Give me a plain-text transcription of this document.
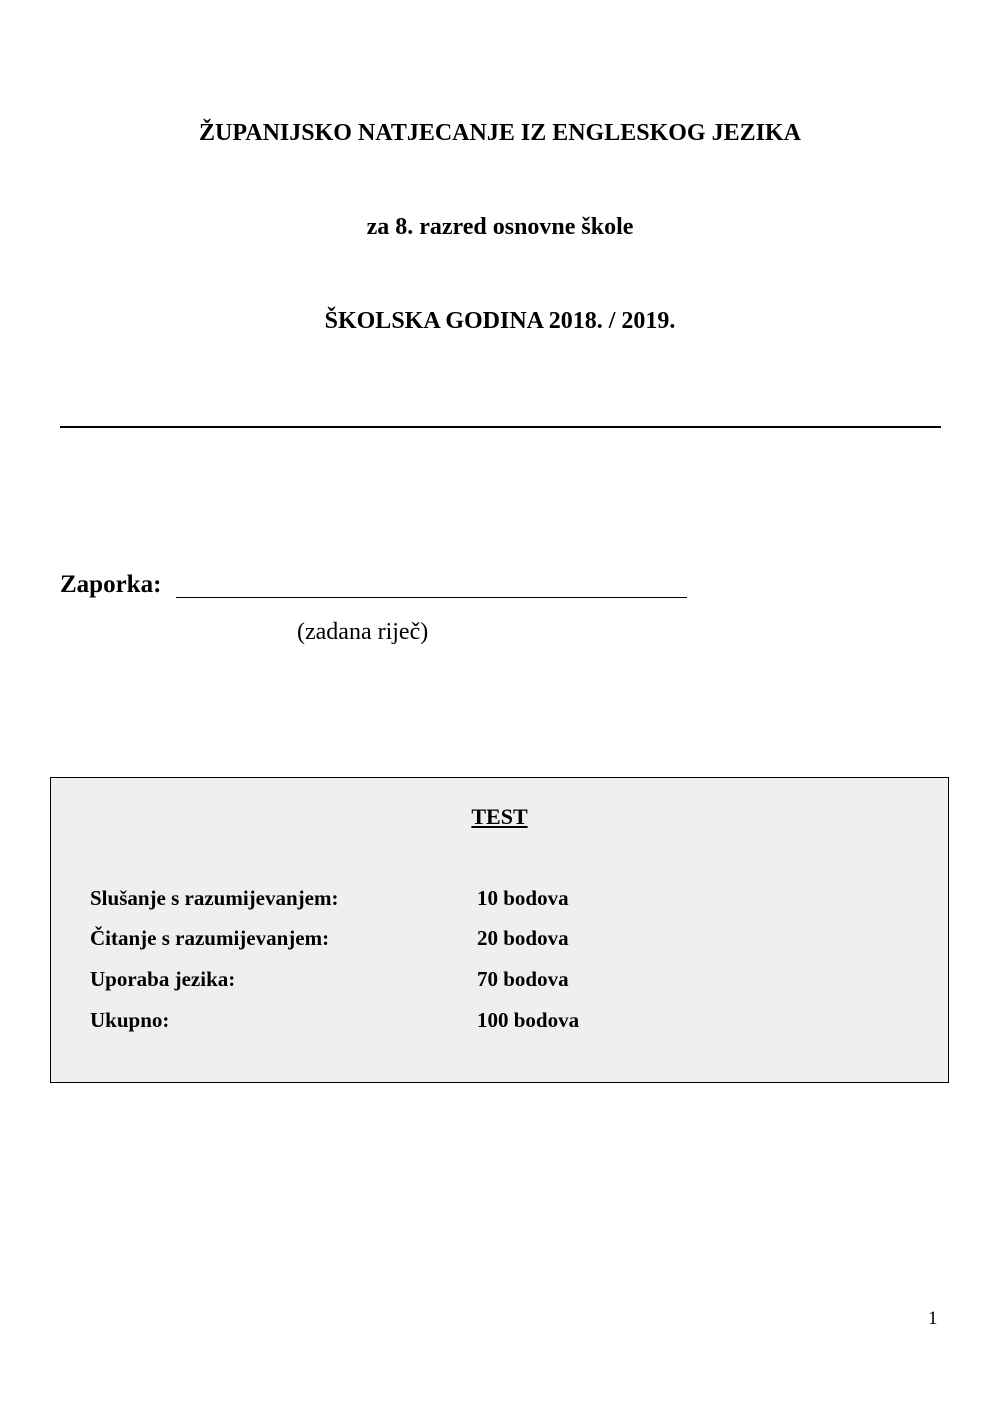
ŽUPANIJSKO NATJECANJE IZ ENGLESKOG JEZIKA
za 8. razred osnovne škole
ŠKOLSKA GODINA 2018. / 2019.
Zaporka:
(zadana riječ)
TEST
Slušanje s razumijevanjem:	10 bodova
Čitanje s razumijevanjem:	20 bodova
Uporaba jezika:	70 bodova
Ukupno:	100 bodova
1
